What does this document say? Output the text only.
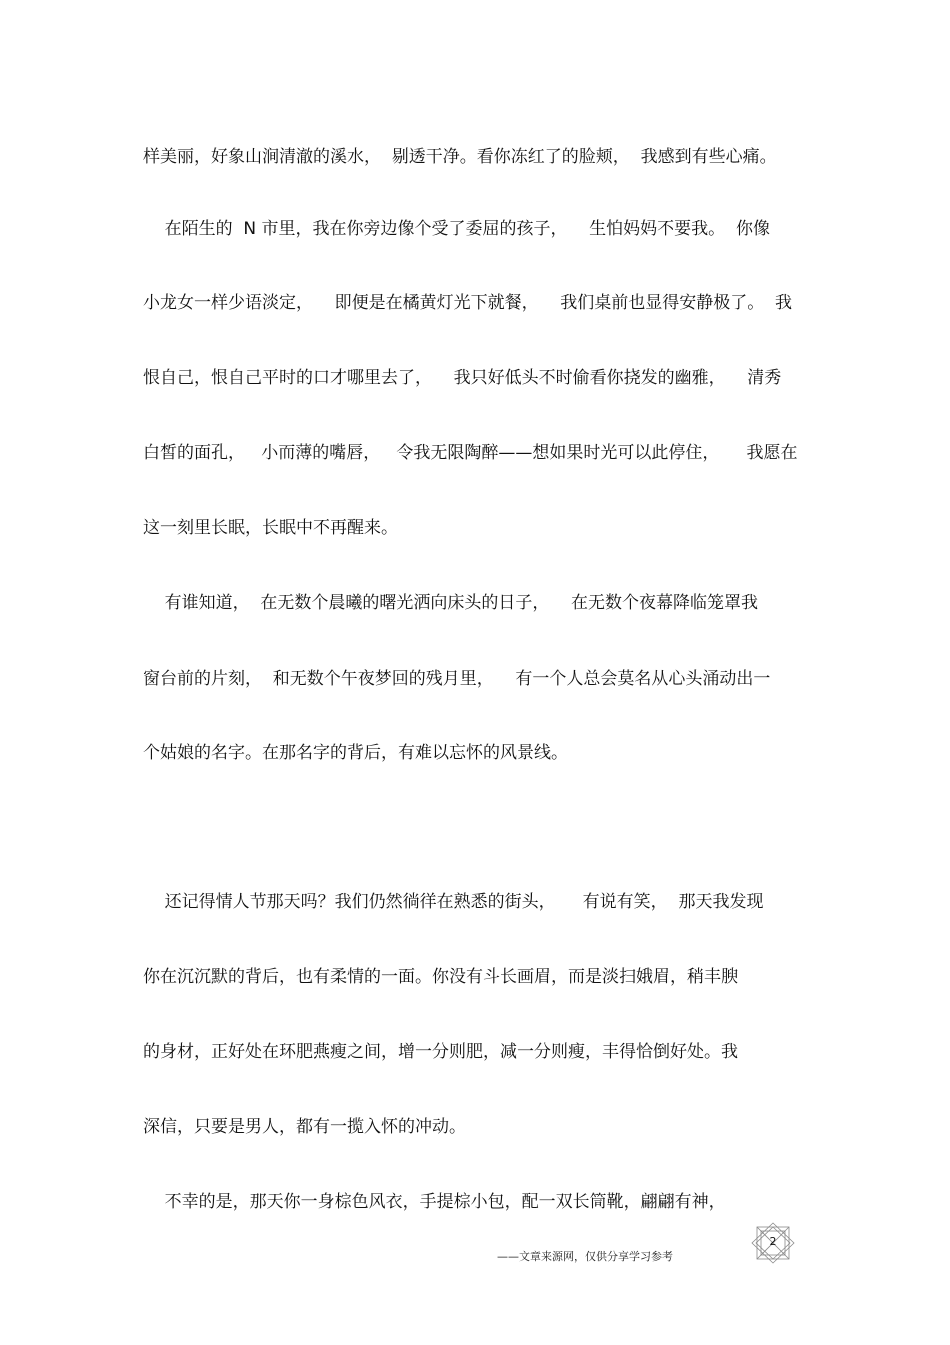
样美丽，好象山涧清澈的溪水，  剔透干净。看你冻红了的脸颊，  我感到有些心痛。
在陌生的  N 市里，我在你旁边像个受了委屈的孩子，    生怕妈妈不要我。  你像
小龙女一样少语淡定，    即便是在橘黄灯光下就餐，    我们桌前也显得安静极了。  我
恨自己，恨自己平时的口才哪里去了，    我只好低头不时偷看你挠发的幽雅，    清秀
白皙的面孔，   小而薄的嘴唇，   令我无限陶醉——想如果时光可以此停住，     我愿在
这一刻里长眠，长眠中不再醒来。
有谁知道，  在无数个晨曦的曙光洒向床头的日子，    在无数个夜幕降临笼罩我
窗台前的片刻，  和无数个午夜梦回的残月里，    有一个人总会莫名从心头涌动出一
个姑娘的名字。在那名字的背后，有难以忘怀的风景线。
还记得情人节那天吗？我们仍然徜徉在熟悉的街头，     有说有笑，  那天我发现
你在沉沉默的背后，也有柔情的一面。你没有斗长画眉，而是淡扫娥眉，稍丰腴
的身材，正好处在环肥燕瘦之间，增一分则肥，减一分则瘦，丰得恰倒好处。我
深信，只要是男人，都有一揽入怀的冲动。
不幸的是，那天你一身棕色风衣，手提棕小包，配一双长筒靴，翩翩有神，
——文章来源网，仅供分享学习参考
2
